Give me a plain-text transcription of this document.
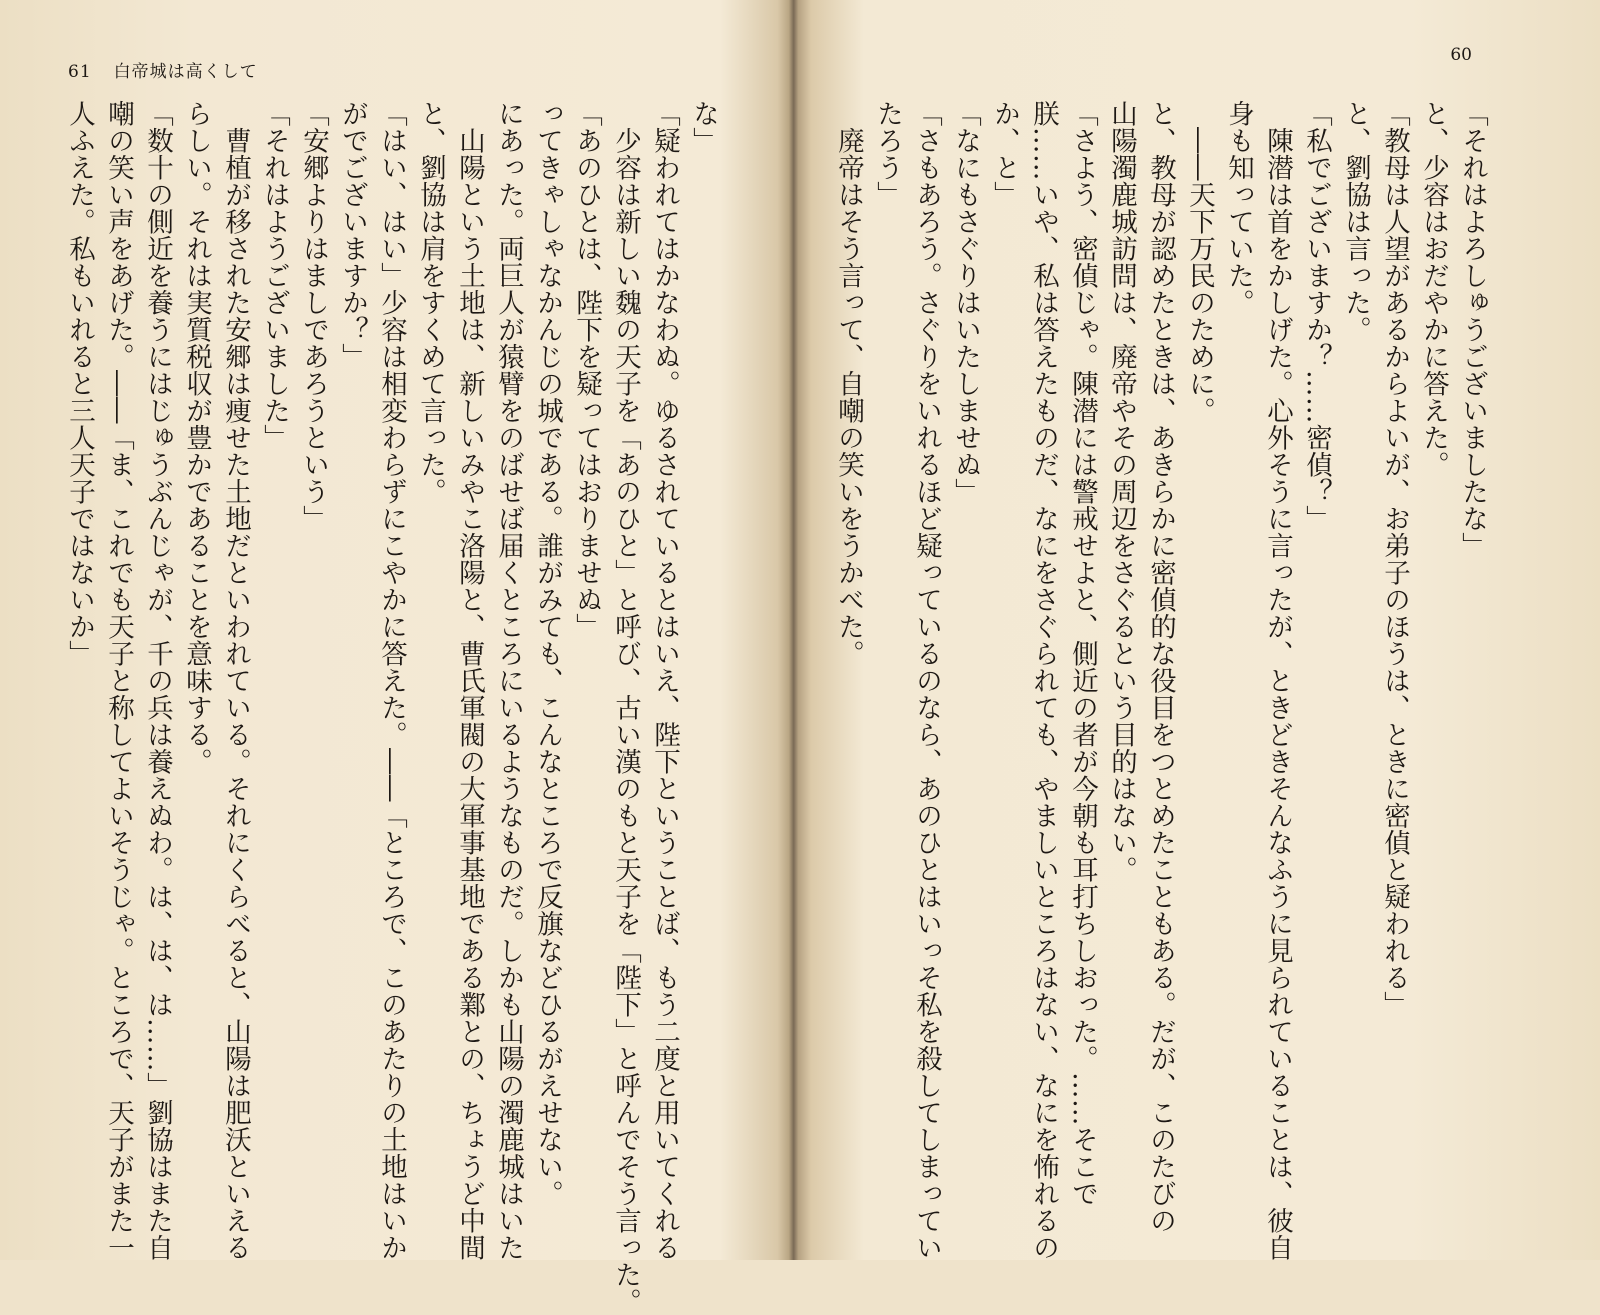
61 白帝城は高くして
な」
「疑われてはかなわぬ。ゆるされているとはいえ、陛下ということば、もう二度と用いてくれる
　少容は新しい魏の天子を「あのひと」と呼び、古い漢のもと天子を「陛下」と呼んでそう言った。
「あのひとは、陛下を疑ってはおりませぬ」
ってきゃしゃなかんじの城である。誰がみても、こんなところで反旗などひるがえせない。
にあった。両巨人が猿臂をのばせば届くところにいるようなものだ。しかも山陽の濁鹿城はいた
　山陽という土地は、新しいみやこ洛陽と、曹氏軍閥の大軍事基地である鄴との、ちょうど中間
と、劉協は肩をすくめて言った。
「はい、はい」少容は相変わらずにこやかに答えた。――「ところで、このあたりの土地はいか
がでございますか？」
「安郷よりはましであろうという」
「それはようございました」
　曹植が移された安郷は痩せた土地だといわれている。それにくらべると、山陽は肥沃といえる
らしい。それは実質税収が豊かであることを意味する。
「数十の側近を養うにはじゅうぶんじゃが、千の兵は養えぬわ。は、は、は……」劉協はまた自
嘲の笑い声をあげた。――「ま、これでも天子と称してよいそうじゃ。ところで、天子がまた一
人ふえた。私もいれると三人天子ではないか」
60
「それはよろしゅうございましたな」
と、少容はおだやかに答えた。
「教母は人望があるからよいが、お弟子のほうは、ときに密偵と疑われる」
と、劉協は言った。
「私でございますか？……密偵？」
　陳潜は首をかしげた。心外そうに言ったが、ときどきそんなふうに見られていることは、彼自
身も知っていた。
　――天下万民のために。
と、教母が認めたときは、あきらかに密偵的な役目をつとめたこともある。だが、このたびの
山陽濁鹿城訪問は、廃帝やその周辺をさぐるという目的はない。
「さよう、密偵じゃ。陳潜には警戒せよと、側近の者が今朝も耳打ちしおった。……そこで
朕……いや、私は答えたものだ、なにをさぐられても、やましいところはない、なにを怖れるの
か、と」
「なにもさぐりはいたしませぬ」
「さもあろう。さぐりをいれるほど疑っているのなら、あのひとはいっそ私を殺してしまってい
たろう」
　廃帝はそう言って、自嘲の笑いをうかべた。
